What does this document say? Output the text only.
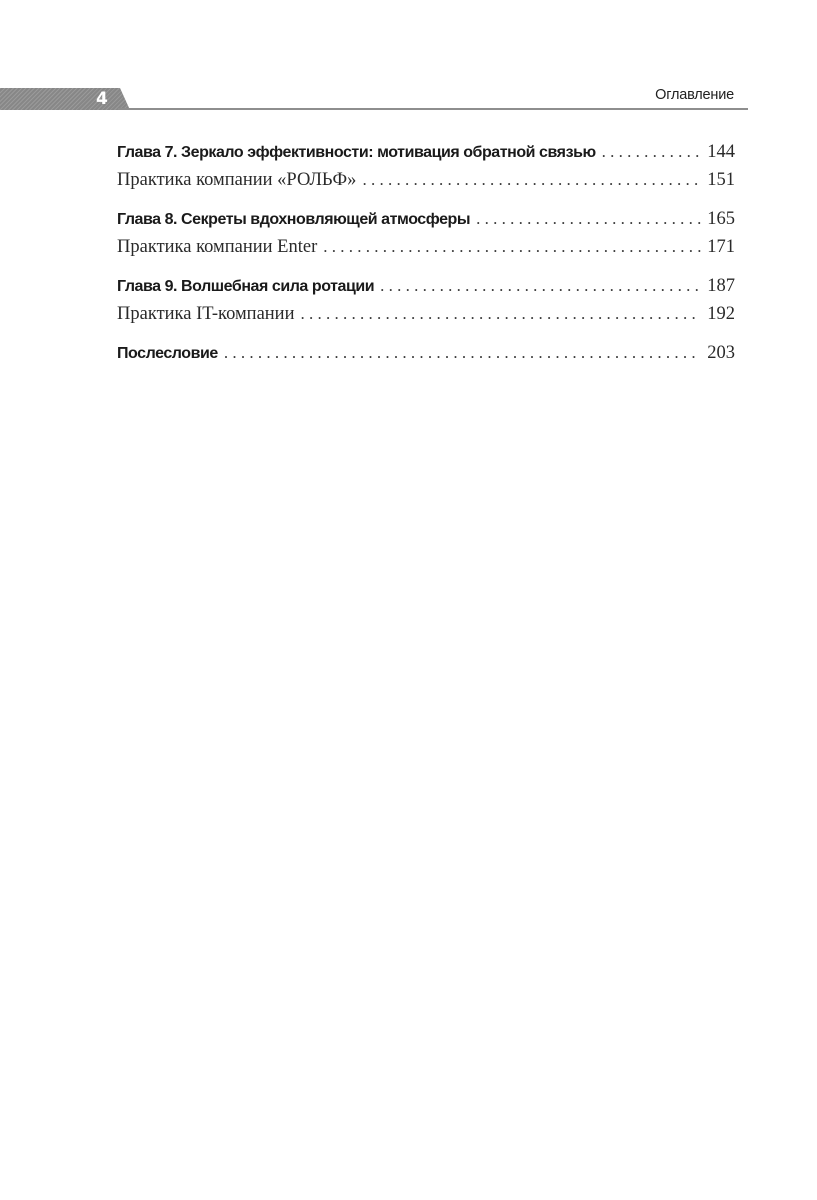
4	Оглавление
Глава 7. Зеркало эффективности: мотивация обратной связью . . .	144
Практика компании «РОЛЬФ» . . .	151
Глава 8. Секреты вдохновляющей атмосферы . . .	165
Практика компании Enter . . .	171
Глава 9. Волшебная сила ротации . . .	187
Практика IT-компании . . .	192
Послесловие . . .	203
